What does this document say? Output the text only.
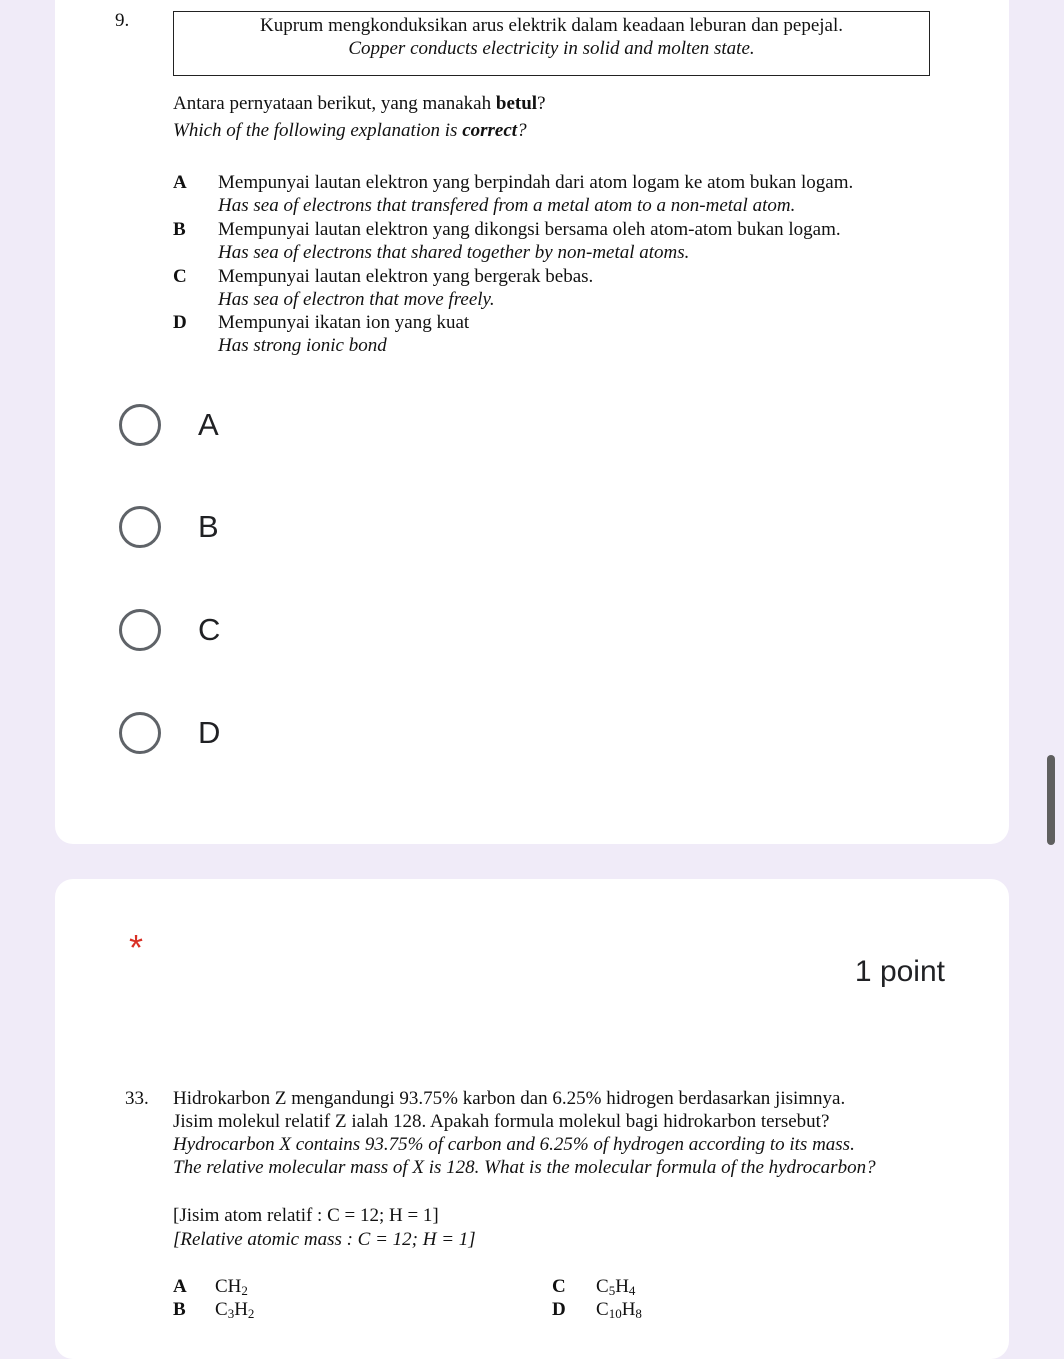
9.	Kuprum mengkonduksikan arus elektrik dalam keadaan leburan dan pepejal.
Copper conducts electricity in solid and molten state.
Antara pernyataan berikut, yang manakah betul?
Which of the following explanation is correct?
A Mempunyai lautan elektron yang berpindah dari atom logam ke atom bukan logam.
Has sea of electrons that transfered from a metal atom to a non-metal atom.
B Mempunyai lautan elektron yang dikongsi bersama oleh atom-atom bukan logam.
Has sea of electrons that shared together by non-metal atoms.
C Mempunyai lautan elektron yang bergerak bebas.
Has sea of electron that move freely.
D Mempunyai ikatan ion yang kuat
Has strong ionic bond
A
B
C
D
*
1 point
33. Hidrokarbon Z mengandungi 93.75% karbon dan 6.25% hidrogen berdasarkan jisimnya.
Jisim molekul relatif Z ialah 128. Apakah formula molekul bagi hidrokarbon tersebut?
Hydrocarbon X contains 93.75% of carbon and 6.25% of hydrogen according to its mass.
The relative molecular mass of X is 128. What is the molecular formula of the hydrocarbon?
[Jisim atom relatif : C = 12; H = 1]
[Relative atomic mass : C = 12; H = 1]
A $CH_2$
B $C_3H_2$
C $C_5H_4$
D $C_{10}H_8$
